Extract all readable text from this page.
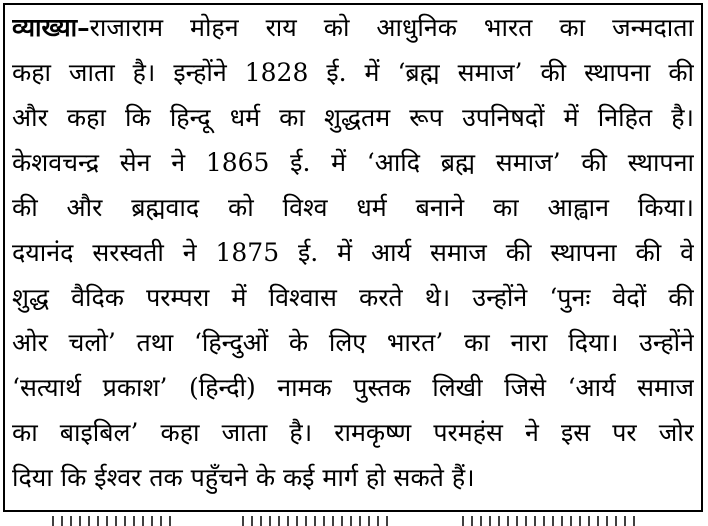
व्याख्या–राजाराम मोहन राय को आधुनिक भारत का जन्मदाता
कहा जाता है। इन्होंने 1828 ई. में ‘ब्रह्म समाज’ की स्थापना की
और कहा कि हिन्दू धर्म का शुद्धतम रूप उपनिषदों में निहित है।
केशवचन्द्र सेन ने 1865 ई. में ‘आदि ब्रह्म समाज’ की स्थापना
की और ब्रह्मवाद को विश्व धर्म बनाने का आह्वान किया।
दयानंद सरस्वती ने 1875 ई. में आर्य समाज की स्थापना की वे
शुद्ध वैदिक परम्परा में विश्वास करते थे। उन्होंने ‘पुनः वेदों की
ओर चलो’ तथा ‘हिन्दुओं के लिए भारत’ का नारा दिया। उन्होंने
‘सत्यार्थ प्रकाश’ (हिन्दी) नामक पुस्तक लिखी जिसे ‘आर्य समाज
का बाइबिल’ कहा जाता है। रामकृष्ण परमहंस ने इस पर जोर
दिया कि ईश्वर तक पहुँचने के कई मार्ग हो सकते हैं।
